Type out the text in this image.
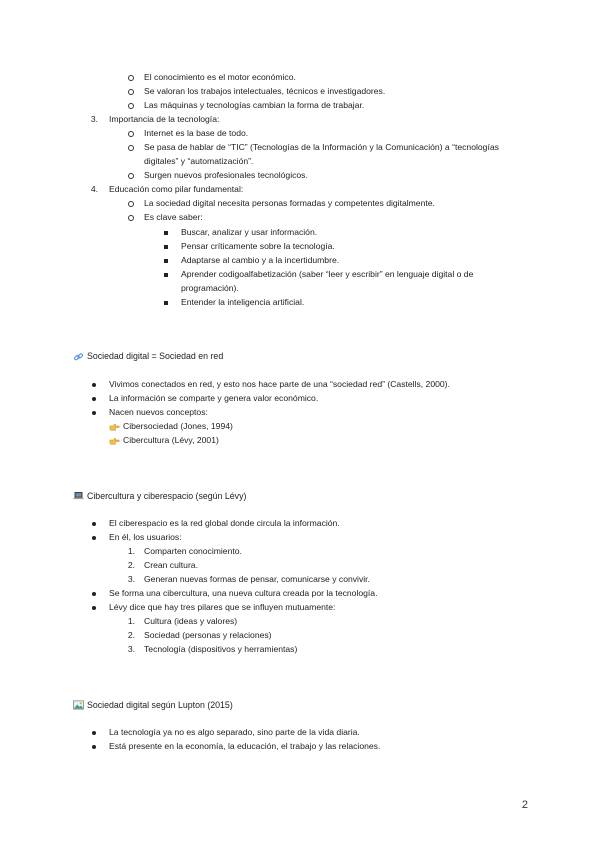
El conocimiento es el motor económico.
Se valoran los trabajos intelectuales, técnicos e investigadores.
Las máquinas y tecnologías cambian la forma de trabajar.
3. Importancia de la tecnología:
Internet es la base de todo.
Se pasa de hablar de “TIC” (Tecnologías de la Información y la Comunicación) a “tecnologías
digitales” y “automatización”.
Surgen nuevos profesionales tecnológicos.
4. Educación como pilar fundamental:
La sociedad digital necesita personas formadas y competentes digitalmente.
Es clave saber:
Buscar, analizar y usar información.
Pensar críticamente sobre la tecnología.
Adaptarse al cambio y a la incertidumbre.
Aprender codigoalfabetización (saber “leer y escribir” en lenguaje digital o de
programación).
Entender la inteligencia artificial.
Sociedad digital = Sociedad en red
Vivimos conectados en red, y esto nos hace parte de una “sociedad red” (Castells, 2000).
La información se comparte y genera valor económico.
Nacen nuevos conceptos:
Cibersociedad (Jones, 1994)
Cibercultura (Lévy, 2001)
Cibercultura y ciberespacio (según Lévy)
El ciberespacio es la red global donde circula la información.
En él, los usuarios:
1. Comparten conocimiento.
2. Crean cultura.
3. Generan nuevas formas de pensar, comunicarse y convivir.
Se forma una cibercultura, una nueva cultura creada por la tecnología.
Lévy dice que hay tres pilares que se influyen mutuamente:
1. Cultura (ideas y valores)
2. Sociedad (personas y relaciones)
3. Tecnología (dispositivos y herramientas)
Sociedad digital según Lupton (2015)
La tecnología ya no es algo separado, sino parte de la vida diaria.
Está presente en la economía, la educación, el trabajo y las relaciones.
2
